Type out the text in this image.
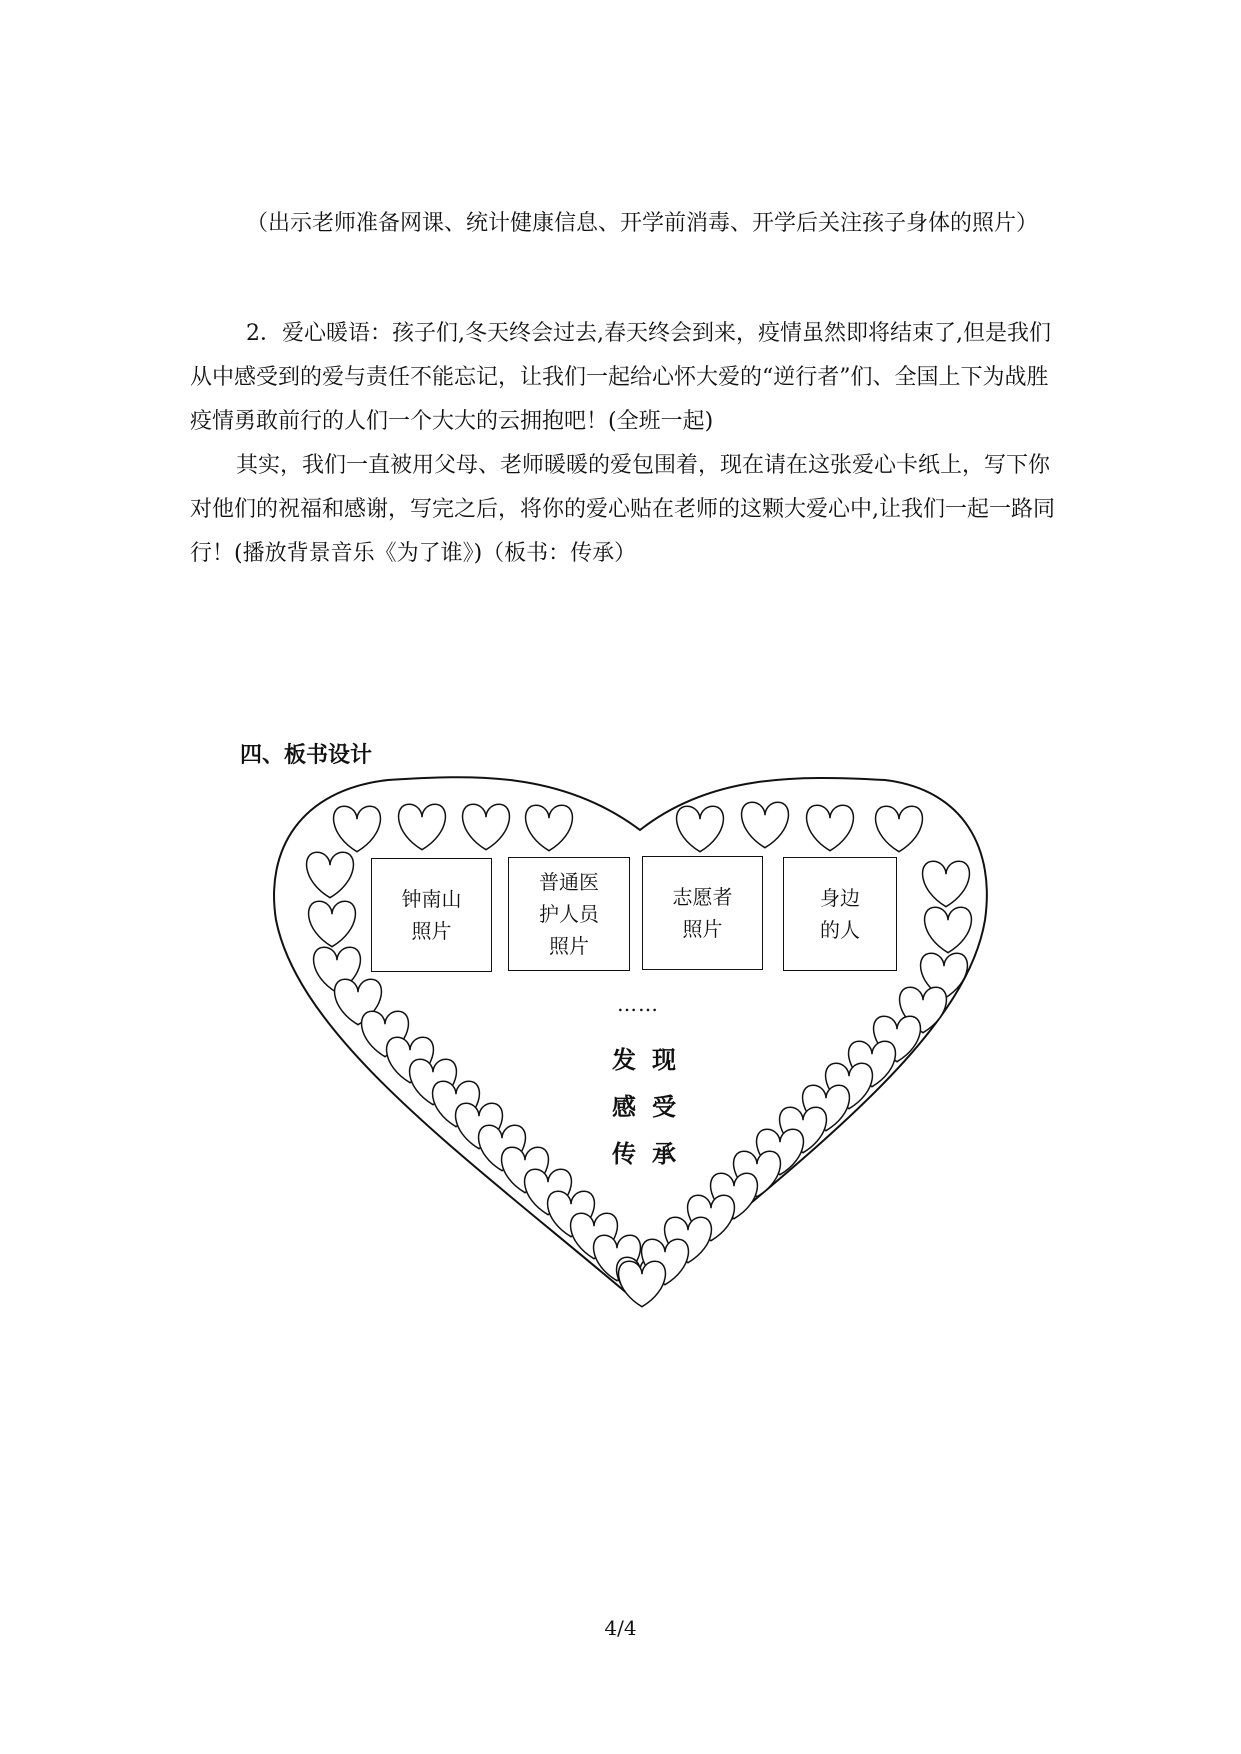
（出示老师准备网课、统计健康信息、开学前消毒、开学后关注孩子身体的照片）

2．爱心暖语：孩子们,冬天终会过去,春天终会到来，疫情虽然即将结束了,但是我们从中感受到的爱与责任不能忘记，让我们一起给心怀大爱的“逆行者”们、全国上下为战胜疫情勇敢前行的人们一个大大的云拥抱吧！(全班一起)

其实，我们一直被用父母、老师暖暖的爱包围着，现在请在这张爱心卡纸上，写下你对他们的祝福和感谢，写完之后，将你的爱心贴在老师的这颗大爱心中,让我们一起一路同行！(播放背景音乐《为了谁》)（板书：传承）

四、板书设计
钟南山
照片
普通医
护人员
照片
志愿者
照片
身边
的人
……
发 现
感 受
传 承
4/4
